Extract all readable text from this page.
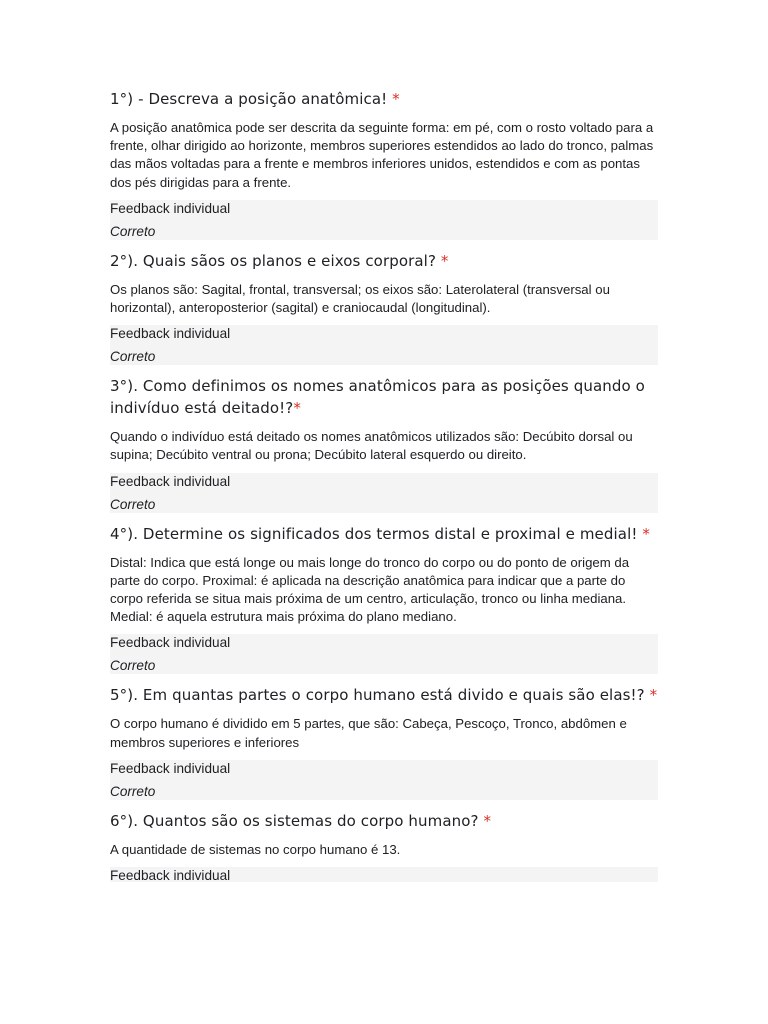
1°) - Descreva a posição anatômica! *

A posição anatômica pode ser descrita da seguinte forma: em pé, com o rosto voltado para a frente, olhar dirigido ao horizonte, membros superiores estendidos ao lado do tronco, palmas das mãos voltadas para a frente e membros inferiores unidos, estendidos e com as pontas dos pés dirigidas para a frente.

Feedback individual
Correto

2°). Quais sãos os planos e eixos corporal? *

Os planos são: Sagital, frontal, transversal; os eixos são: Laterolateral (transversal ou horizontal), anteroposterior (sagital) e craniocaudal (longitudinal).

Feedback individual
Correto

3°). Como definimos os nomes anatômicos para as posições quando o indivíduo está deitado!?*

Quando o indivíduo está deitado os nomes anatômicos utilizados são: Decúbito dorsal ou supina; Decúbito ventral ou prona; Decúbito lateral esquerdo ou direito.

Feedback individual
Correto

4°). Determine os significados dos termos distal e proximal e medial! *

Distal: Indica que está longe ou mais longe do tronco do corpo ou do ponto de origem da parte do corpo. Proximal: é aplicada na descrição anatômica para indicar que a parte do corpo referida se situa mais próxima de um centro, articulação, tronco ou linha mediana. Medial: é aquela estrutura mais próxima do plano mediano.

Feedback individual
Correto

5°). Em quantas partes o corpo humano está divido e quais são elas!? *

O corpo humano é dividido em 5 partes, que são: Cabeça, Pescoço, Tronco, abdômen e membros superiores e inferiores

Feedback individual
Correto

6°). Quantos são os sistemas do corpo humano? *

A quantidade de sistemas no corpo humano é 13.

Feedback individual
